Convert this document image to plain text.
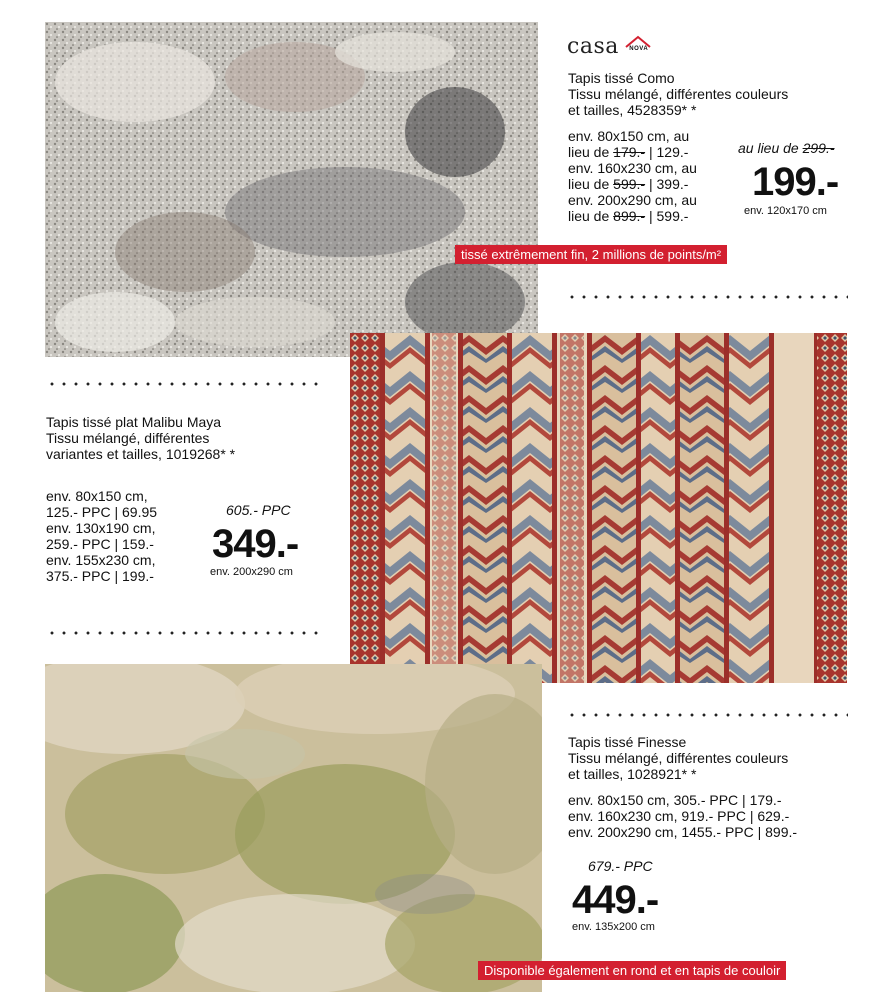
casa NOVA

Tapis tissé Como

Tissu mélangé, différentes couleurs

et tailles, 4528359* *

env. 80x150 cm, au

lieu de 179.- | 129.-

env. 160x230 cm, au

lieu de 599.- | 399.-

env. 200x290 cm, au

lieu de 899.- | 599.-

au lieu de 299.-
199.-
env. 120x170 cm
tissé extrêmement fin, 2 millions de points/m²

Tapis tissé plat Malibu Maya

Tissu mélangé, différentes

variantes et tailles, 1019268* *

env. 80x150 cm,

125.- PPC | 69.95

env. 130x190 cm,

259.- PPC | 159.-

env. 155x230 cm,

375.- PPC | 199.-

605.- PPC
349.-
env. 200x290 cm

Tapis tissé Finesse

Tissu mélangé, différentes couleurs

et tailles, 1028921* *

env. 80x150 cm, 305.- PPC | 179.-

env. 160x230 cm, 919.- PPC | 629.-

env. 200x290 cm, 1455.- PPC | 899.-

679.- PPC
449.-
env. 135x200 cm
Disponible également en rond et en tapis de couloir
